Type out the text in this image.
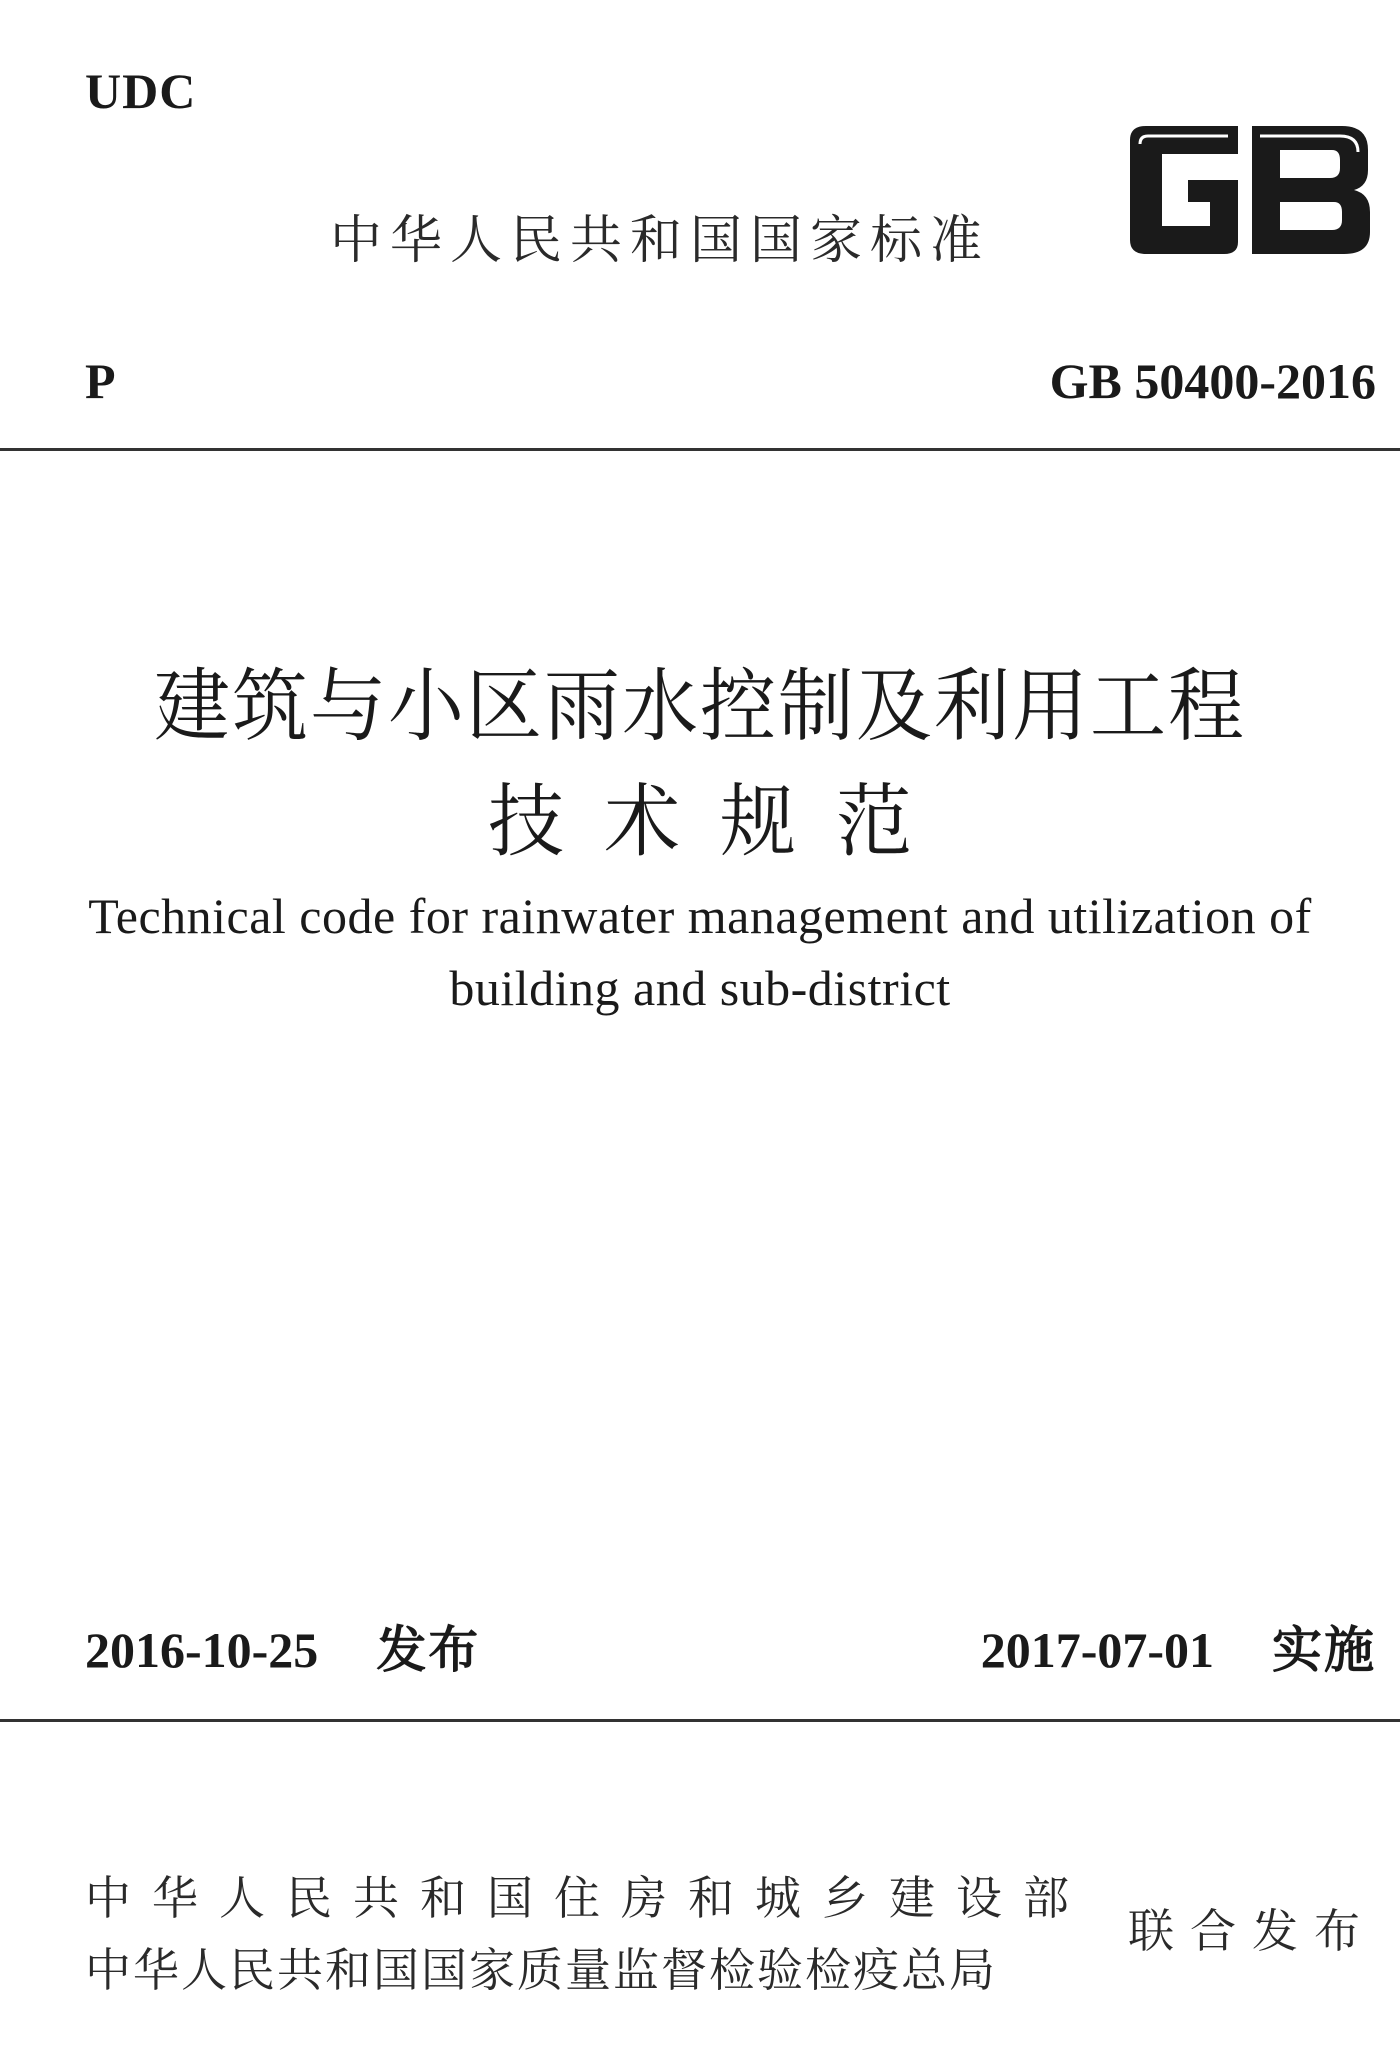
UDC
中华人民共和国国家标准
P	GB 50400-2016
建筑与小区雨水控制及利用工程
技术规范
Technical code for rainwater management and utilization of
building and sub-district
2016-10-25 发布	2017-07-01 实施
中华人民共和国住房和城乡建设部
中华人民共和国国家质量监督检验检疫总局
联合发布
